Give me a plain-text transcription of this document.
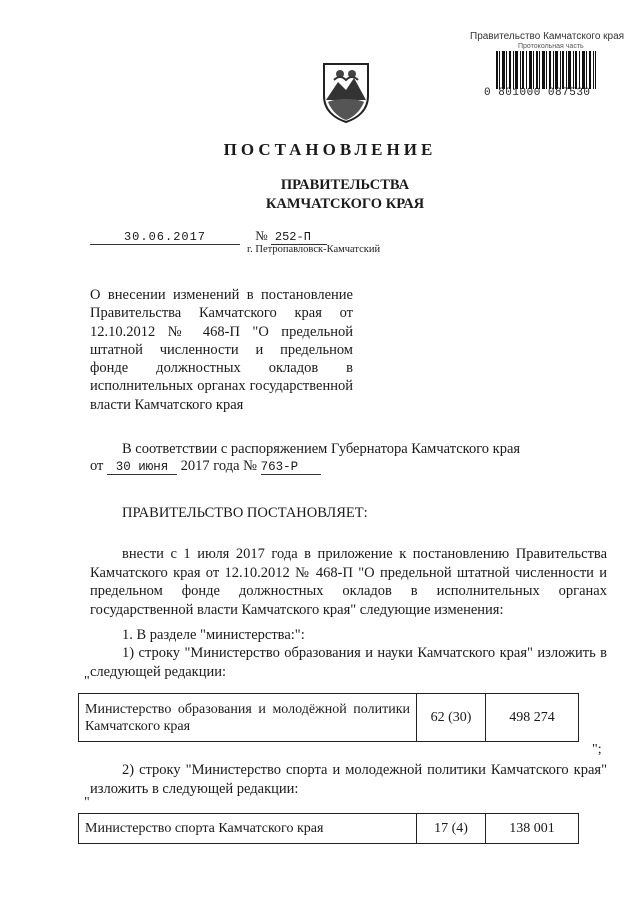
Правительство Камчатского края
Протокольная часть
0 801000 087530
ПОСТАНОВЛЕНИЕ
ПРАВИТЕЛЬСТВА
КАМЧАТСКОГО КРАЯ
30.06.2017	№ 252-П
г. Петропавловск-Камчатский
О внесении изменений в постановление Правительства Камчатского края от 12.10.2012 № 468-П "О предельной штатной численности и предельном фонде должностных окладов в исполнительных органах государственной власти Камчатского края
В соответствии с распоряжением Губернатора Камчатского края
от 30 июня 2017 года № 763-Р
ПРАВИТЕЛЬСТВО ПОСТАНОВЛЯЕТ:
внести с 1 июля 2017 года в приложение к постановлению Правительства Камчатского края от 12.10.2012 № 468-П "О предельной штатной численности и предельном фонде должностных окладов в исполнительных органах государственной власти Камчатского края" следующие изменения:
1. В разделе "министерства:":
1) строку "Министерство образования и науки Камчатского края" изложить в следующей редакции:
"
Министерство образования и молодёжной политики Камчатского края	62 (30)	498 274
";
2) строку "Министерство спорта и молодежной политики Камчатского края" изложить в следующей редакции:
"
Министерство спорта Камчатского края	17 (4)	138 001
